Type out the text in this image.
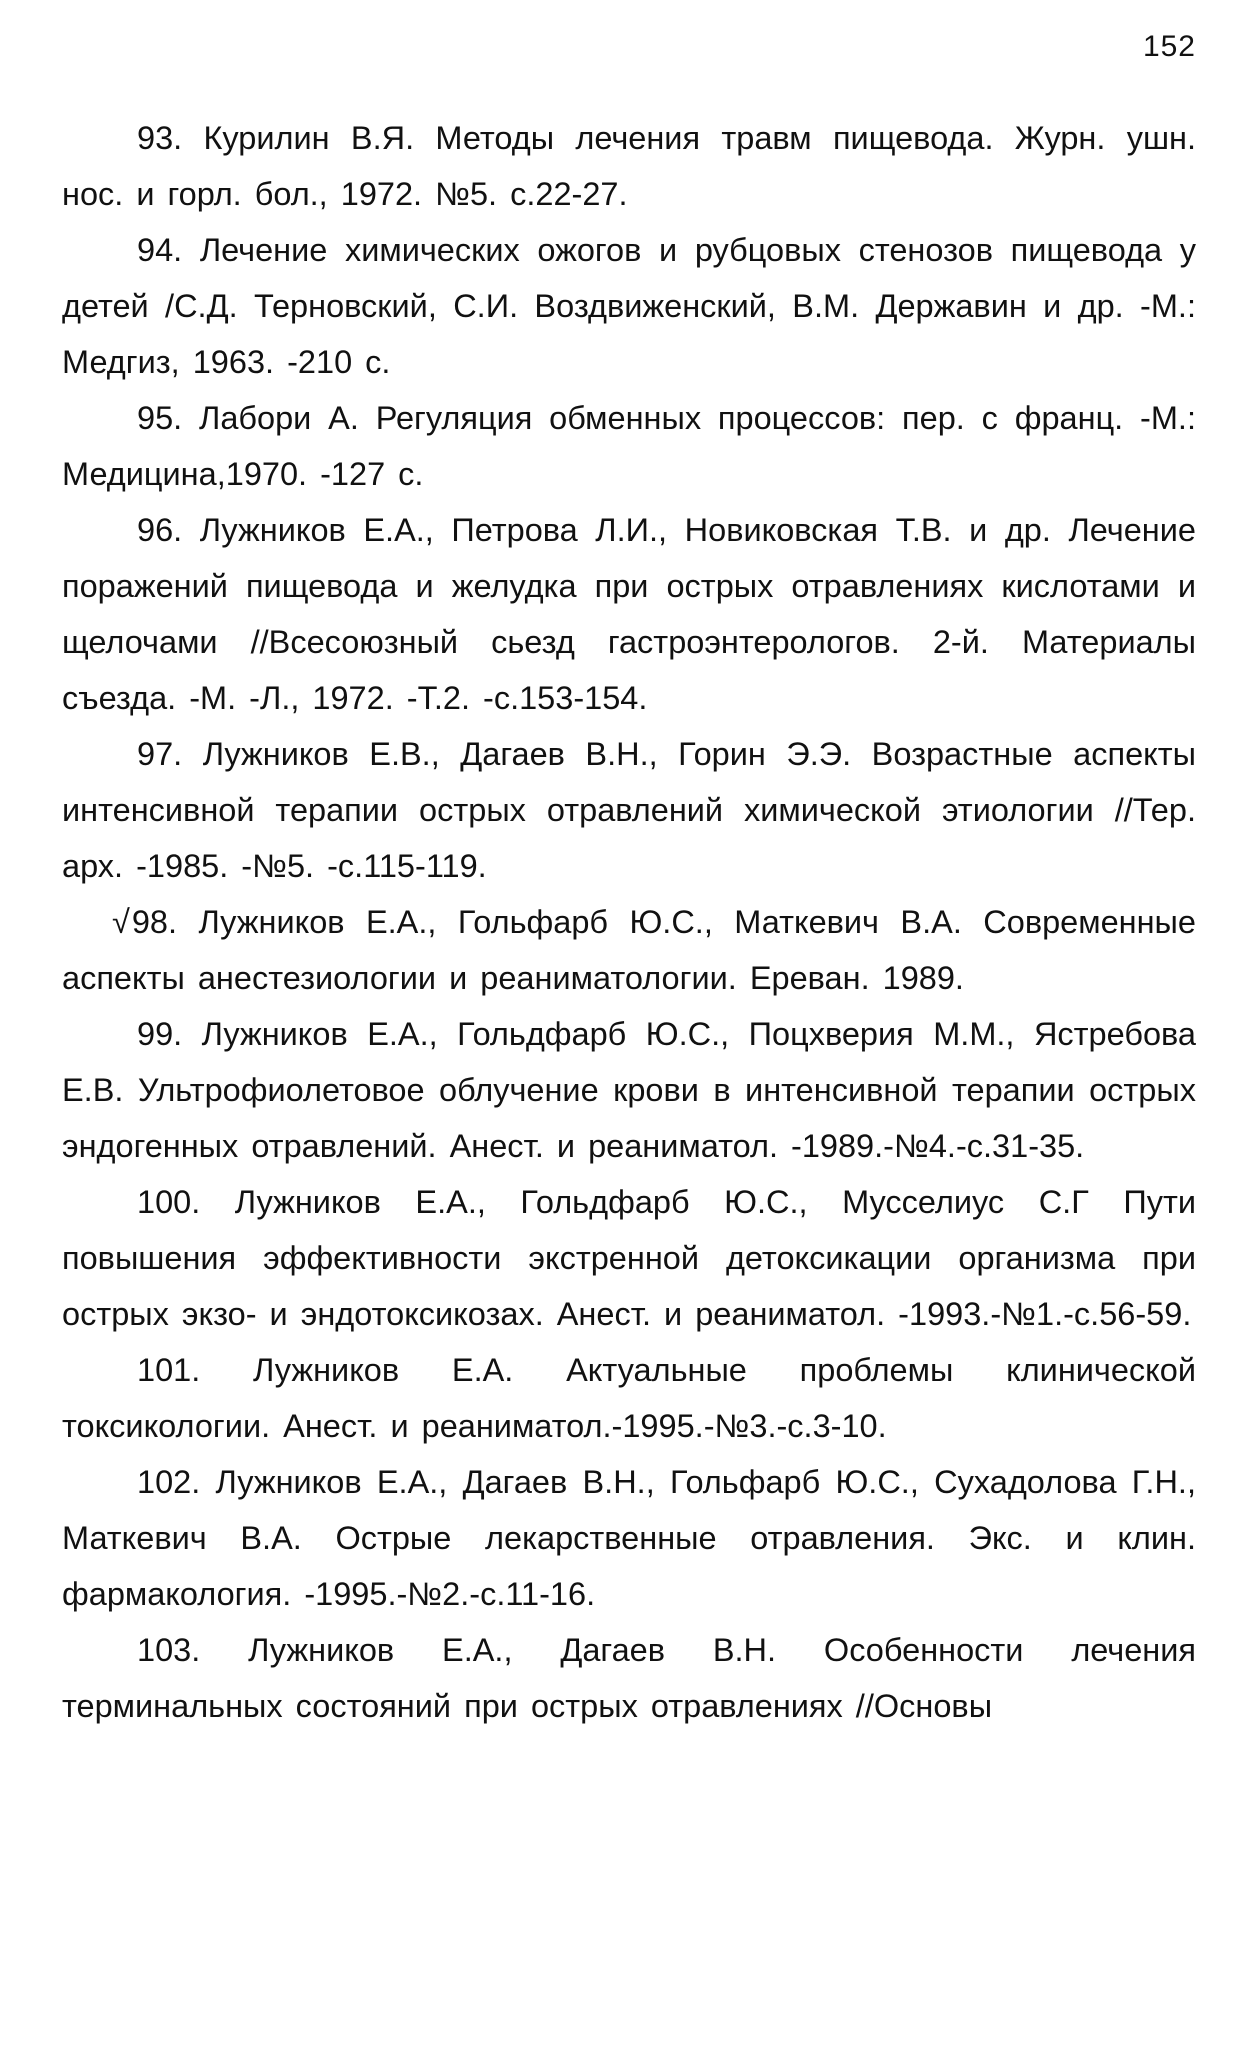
152

93. Курилин В.Я. Методы лечения травм пищевода. Журн. ушн. нос. и горл. бол., 1972. №5. с.22-27.

94. Лечение химических ожогов и рубцовых стенозов пищевода у детей /С.Д. Терновский, С.И. Воздвиженский, В.М. Державин и др. -М.: Медгиз, 1963. -210 с.

95. Лабори А. Регуляция обменных процессов: пер. с франц. -М.: Медицина,1970. -127 с.

96. Лужников Е.А., Петрова Л.И., Новиковская Т.В. и др. Лечение поражений пищевода и желудка при острых отравлениях кислотами и щелочами //Всесоюзный сьезд гастроэнтерологов. 2-й. Материалы съезда. -М. -Л., 1972. -Т.2. -с.153-154.

97. Лужников Е.В., Дагаев В.Н., Горин Э.Э. Возрастные аспекты интенсивной терапии острых отравлений химической этиологии //Тер. арх. -1985. -№5. -с.115-119.

√98. Лужников Е.А., Гольфарб Ю.С., Маткевич В.А. Современные аспекты анестезиологии и реаниматологии. Ереван. 1989.

99. Лужников Е.А., Гольдфарб Ю.С., Поцхверия М.М., Ястребова Е.В. Ультрофиолетовое облучение крови в интенсивной терапии острых эндогенных отравлений. Анест. и реаниматол. -1989.-№4.-с.31-35.

100. Лужников Е.А., Гольдфарб Ю.С., Мусселиус С.Г Пути повышения эффективности экстренной детоксикации организма при острых экзо- и эндотоксикозах. Анест. и реаниматол. -1993.-№1.-с.56-59.

101. Лужников Е.А. Актуальные проблемы клинической токсикологии. Анест. и реаниматол.-1995.-№3.-с.3-10.

102. Лужников Е.А., Дагаев В.Н., Гольфарб Ю.С., Сухадолова Г.Н., Маткевич В.А. Острые лекарственные отравления. Экс. и клин. фармакология. -1995.-№2.-с.11-16.

103. Лужников Е.А., Дагаев В.Н. Особенности лечения терминальных состояний при острых отравлениях //Основы
